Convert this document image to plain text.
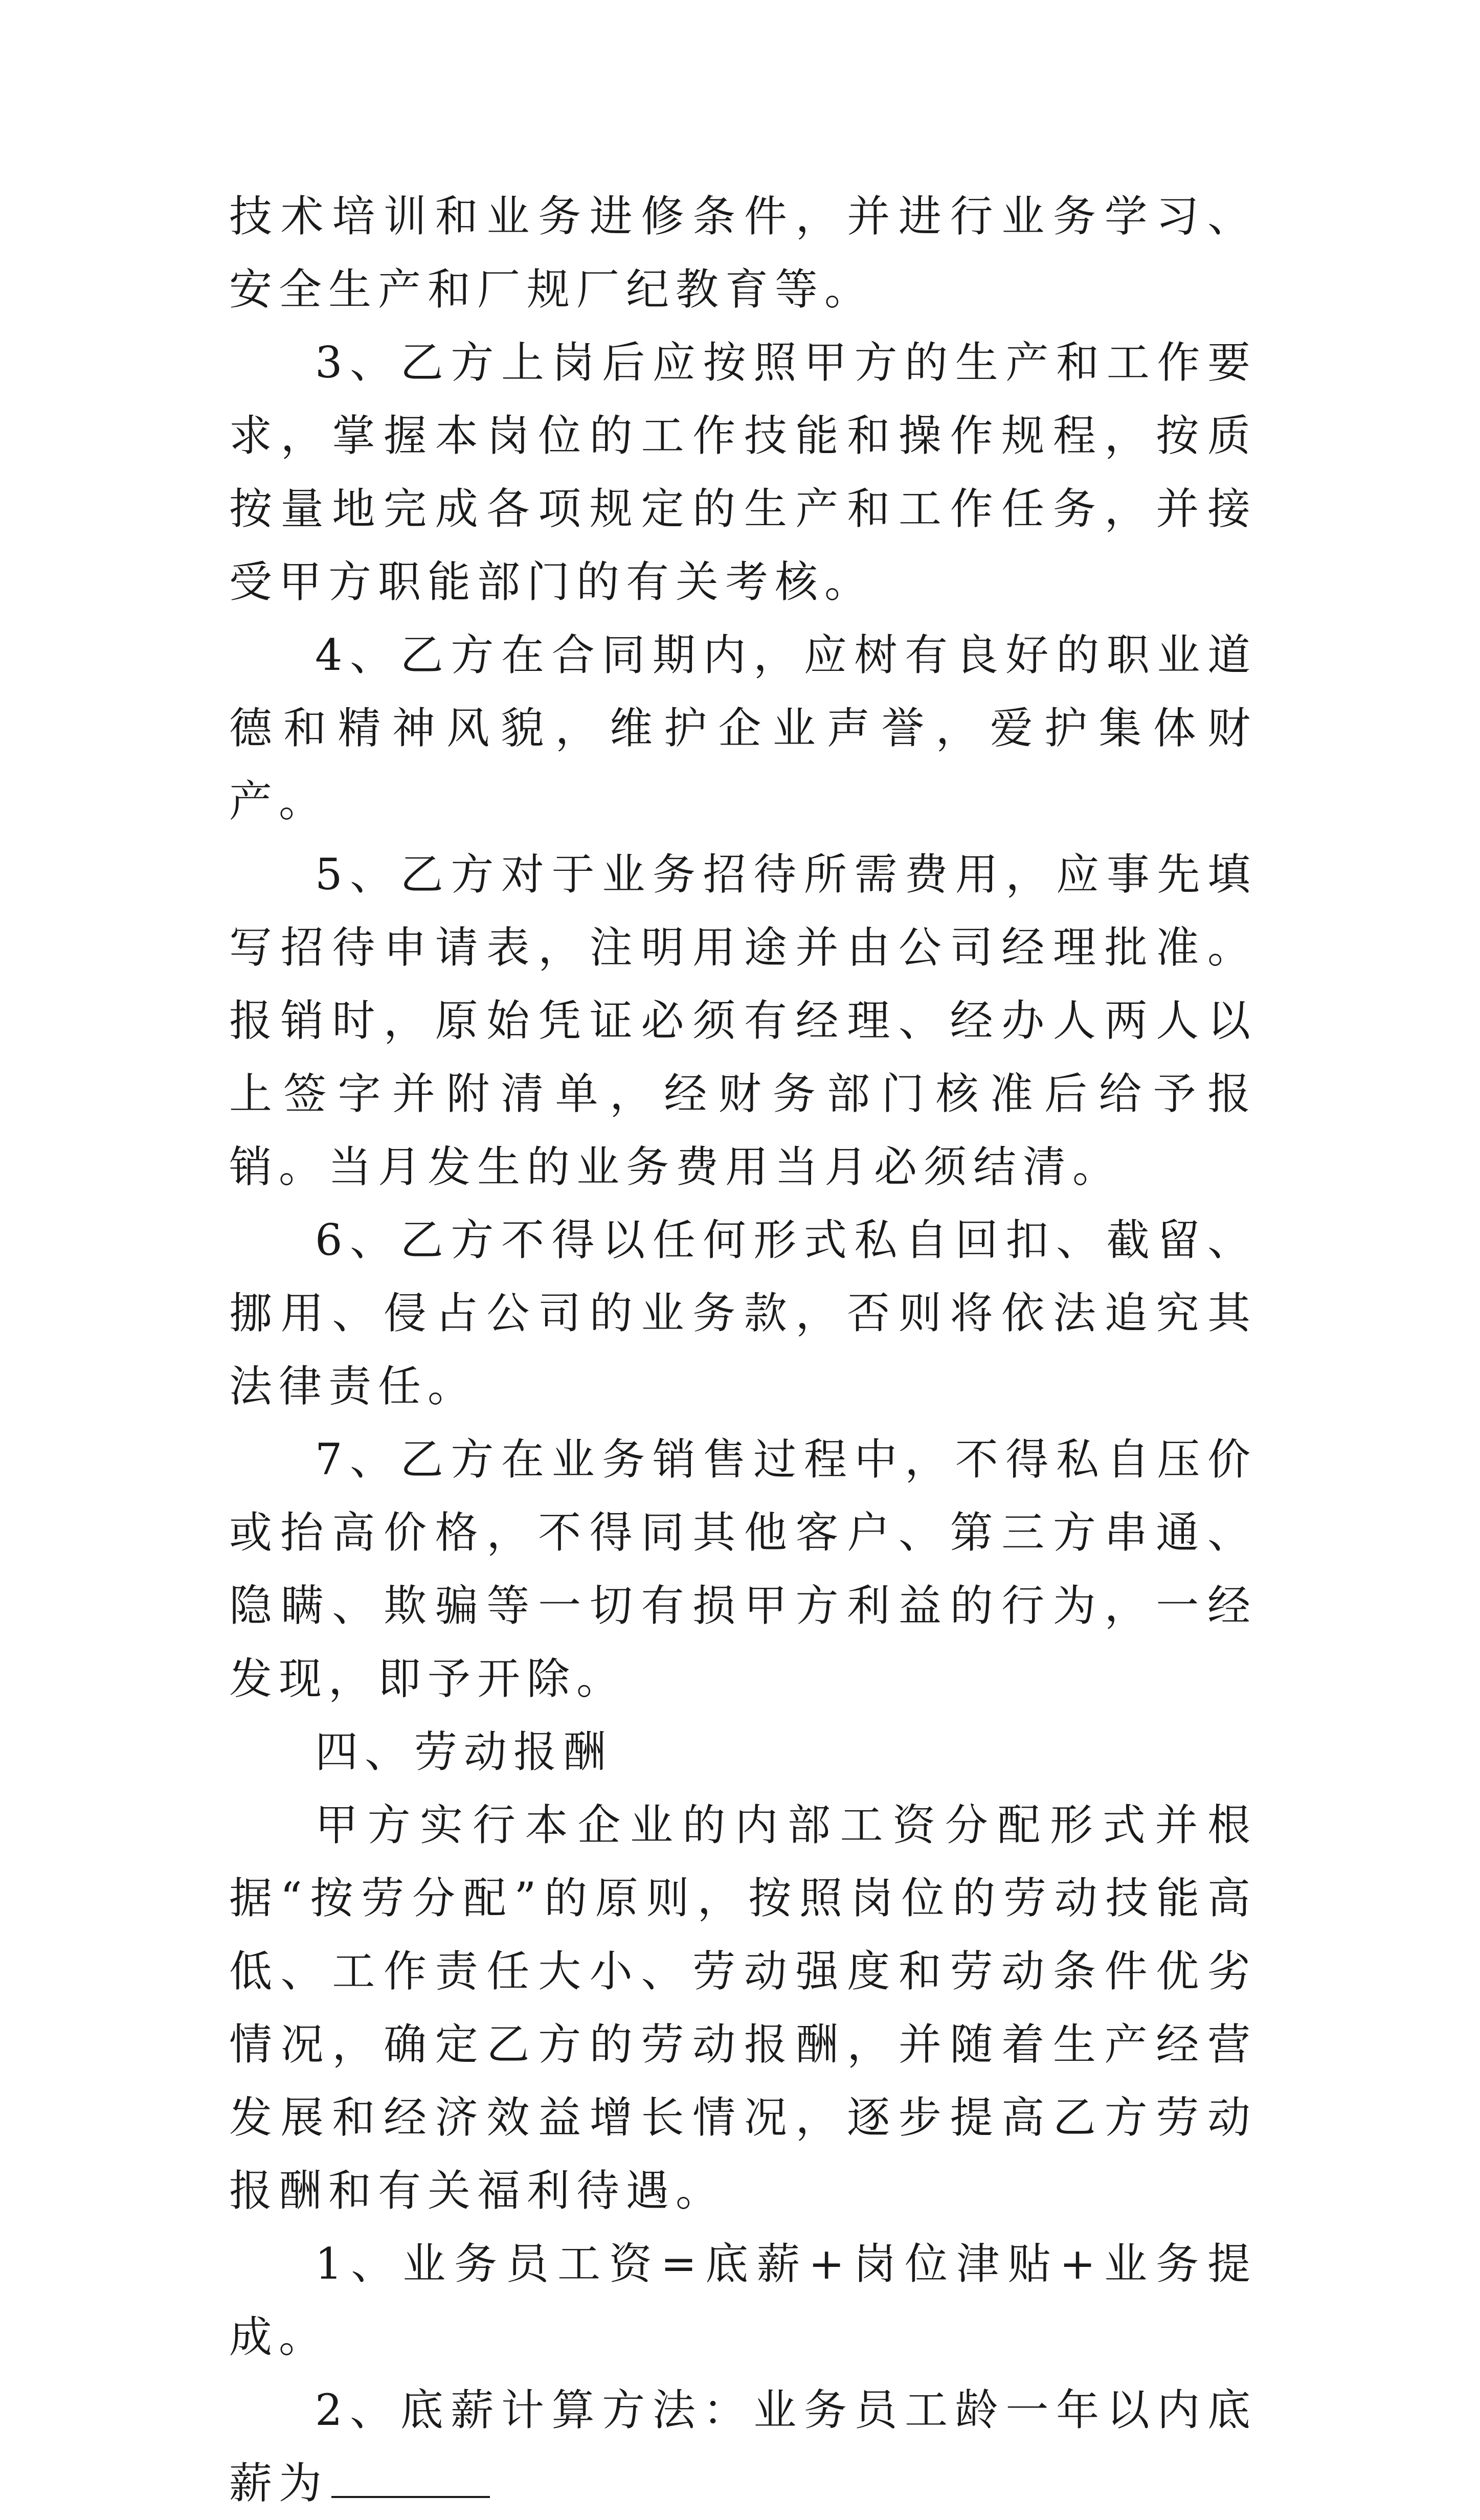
技术培训和业务进修条件，并进行业务学习、安全生产和厂规厂纪教育等。

3、乙方上岗后应按照甲方的生产和工作要求，掌握本岗位的工作技能和操作规程，按质按量地完成各项规定的生产和工作任务，并接受甲方职能部门的有关考核。

4、乙方在合同期内，应树有良好的职业道德和精神风貌，维护企业声誉，爱护集体财产。

5、乙方对于业务招待所需费用，应事先填写招待申请表，注明用途并由公司经理批准。报销时，原始凭证必须有经理、经办人两人以上签字并附清单，经财务部门核准后给予报销。当月发生的业务费用当月必须结清。

6、乙方不得以任何形式私自回扣、截留、挪用、侵占公司的业务款，否则将依法追究其法律责任。

7、乙方在业务销售过程中，不得私自压价或抬高价格，不得同其他客户、第三方串通、隐瞒、欺骗等一切有损甲方利益的行为，一经发现，即予开除。

四、劳动报酬

甲方实行本企业的内部工资分配形式并根据“按劳分配”的原则，按照岗位的劳动技能高低、工作责任大小、劳动强度和劳动条件优劣情况，确定乙方的劳动报酬，并随着生产经营发展和经济效益增长情况，逐步提高乙方劳动报酬和有关福利待遇。

1、业务员工资=底薪+岗位津贴+业务提成。

2、底薪计算方法：业务员工龄一年以内底薪为
